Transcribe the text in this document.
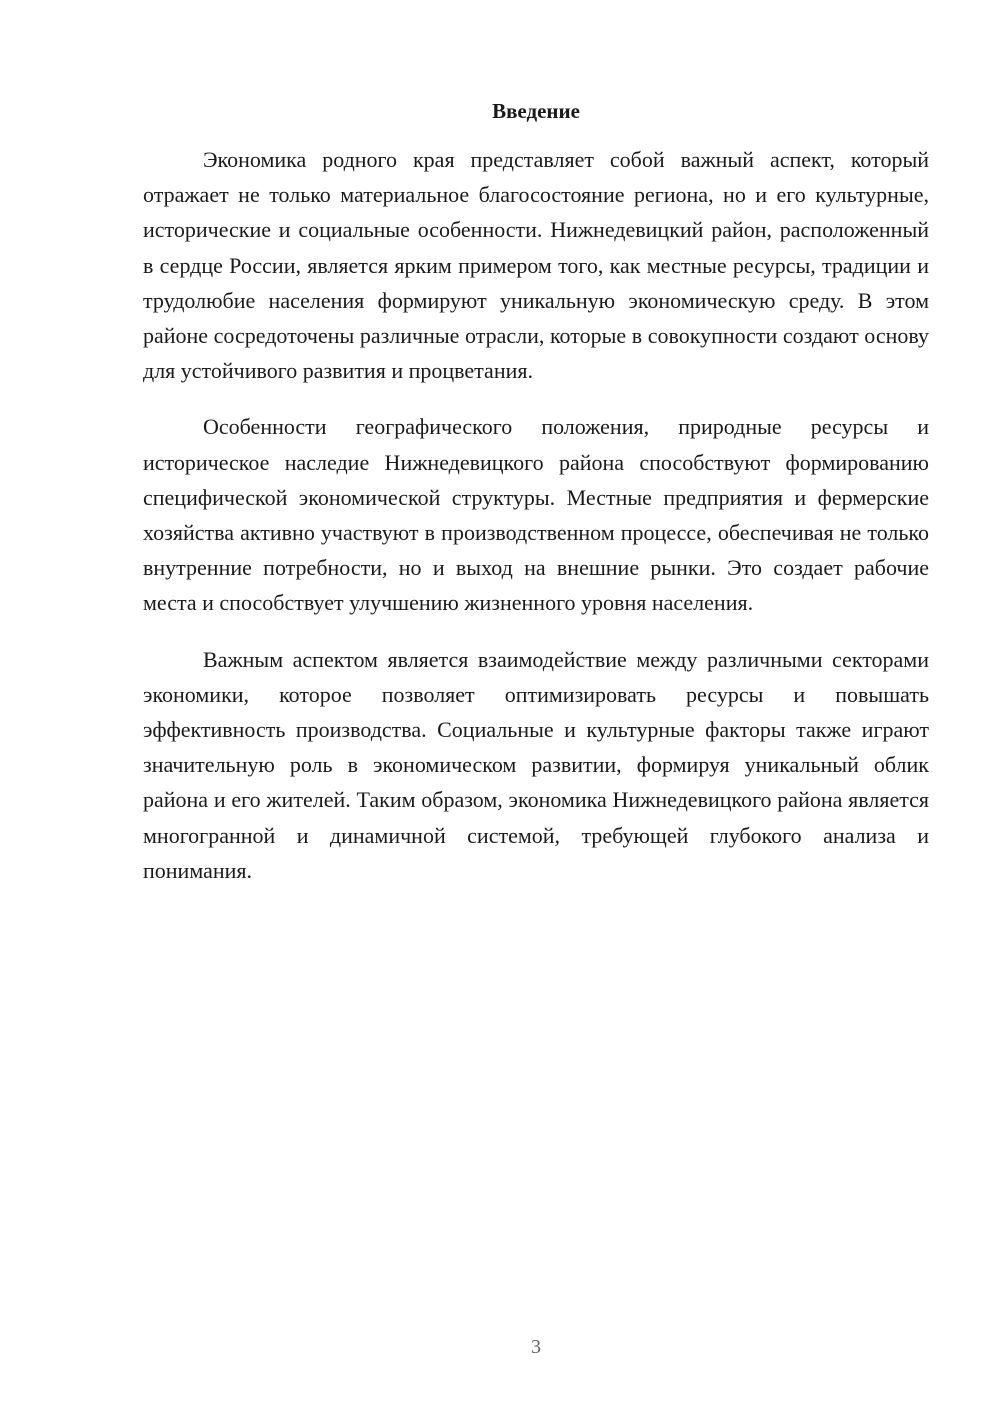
Введение

Экономика родного края представляет собой важный аспект, который отражает не только материальное благосостояние региона, но и его культурные, исторические и социальные особенности. Нижнедевицкий район, расположенный в сердце России, является ярким примером того, как местные ресурсы, традиции и трудолюбие населения формируют уникальную экономическую среду. В этом районе сосредоточены различные отрасли, которые в совокупности создают основу для устойчивого развития и процветания.

Особенности географического положения, природные ресурсы и историческое наследие Нижнедевицкого района способствуют формированию специфической экономической структуры. Местные предприятия и фермерские хозяйства активно участвуют в производственном процессе, обеспечивая не только внутренние потребности, но и выход на внешние рынки. Это создает рабочие места и способствует улучшению жизненного уровня населения.

Важным аспектом является взаимодействие между различными секторами экономики, которое позволяет оптимизировать ресурсы и повышать эффективность производства. Социальные и культурные факторы также играют значительную роль в экономическом развитии, формируя уникальный облик района и его жителей. Таким образом, экономика Нижнедевицкого района является многогранной и динамичной системой, требующей глубокого анализа и понимания.

3
